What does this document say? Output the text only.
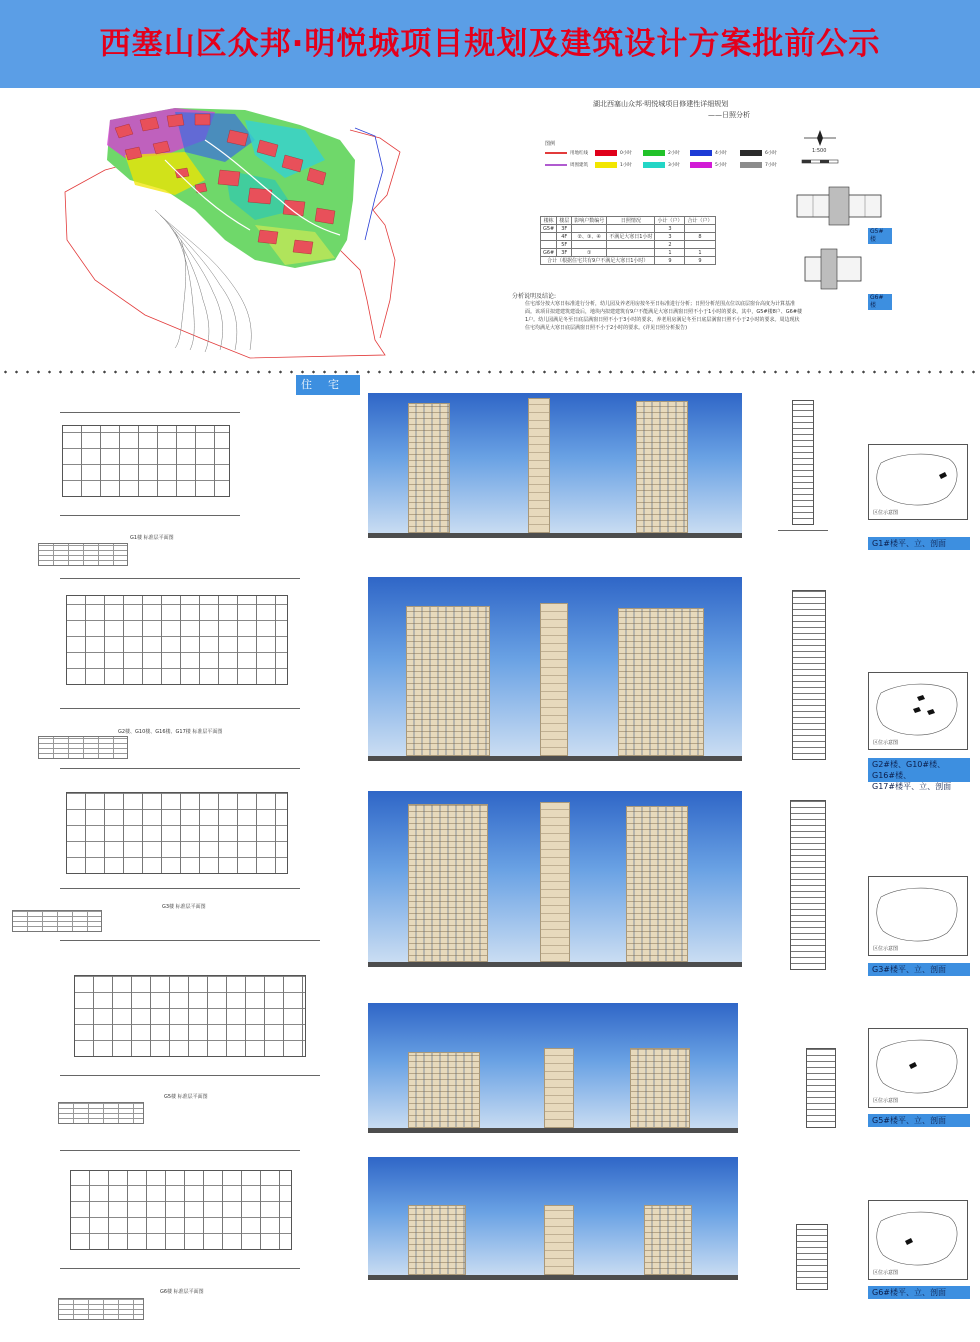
西塞山区众邦·明悦城项目规划及建筑设计方案批前公示
湖北西塞山众邦·明悦城项目修建性详细规划
——日照分析
图例
用地红线	0小时	2小时	4小时	6小时
周围建筑	1小时	3小时	5小时	7小时
1:500
楼栋	楼层	影响户数编号	日照情况	小计（户）	合计（户）
G5#	3F			3	
	4F	②、③、④	不满足大寒日1小时	3	8
	5F			2	
G6#	3F	①		1	1
合计（根据住宅共有9户不满足大寒日1小时）				9	9
分析说明及结论:
住宅部分按大寒日标准进行分析，幼儿园及养老用房按冬至日标准进行分析；日照分析范围点位以底层窗台高度为计算基准面。该项目拟建建筑建设后，地块内拟建建筑有9户不能满足大寒日满窗日照不小于1小时的要求。其中，G5#楼8户、G6#楼1户。幼儿园满足冬至日底层满窗日照不小于3小时的要求，养老用房满足冬至日底层满窗日照不小于2小时的要求。周边现状住宅均满足大寒日底层满窗日照不小于2小时的要求。(详见日照分析报告)
G5# 楼
G6# 楼
住宅
G1楼 标准层平面图
区位示意图
G1#楼平、立、剖面
G2楼、G10楼、G16楼、G17楼 标准层平面图
区位示意图
G2#楼、G10#楼、G16#楼、
G17#楼平、立、剖面
G3楼 标准层平面图
区位示意图
G3#楼平、立、剖面
G5楼 标准层平面图
区位示意图
G5#楼平、立、剖面
G6楼 标准层平面图
区位示意图
G6#楼平、立、剖面
